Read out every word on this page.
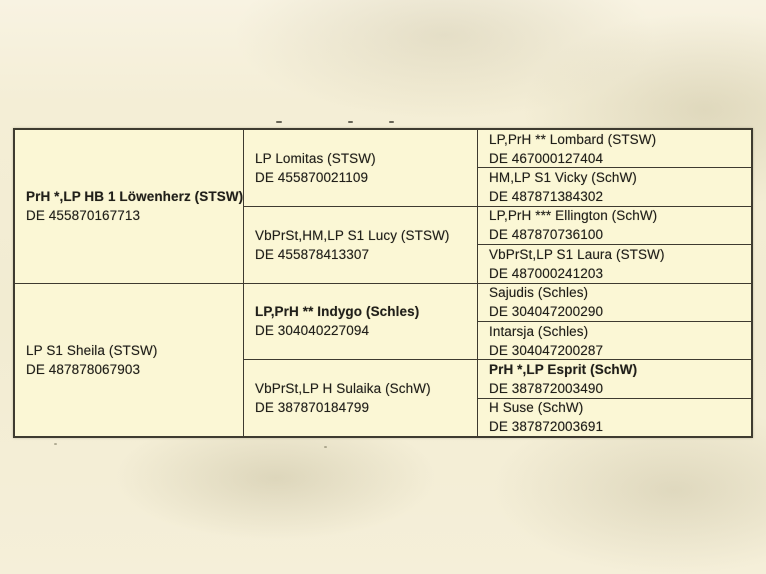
PrH *,LP HB 1 Löwenherz (STSW)
DE 455870167713
LP S1 Sheila (STSW)
DE 487878067903
LP Lomitas (STSW)
DE 455870021109
VbPrSt,HM,LP S1 Lucy (STSW)
DE 455878413307
LP,PrH ** Indygo (Schles)
DE 304040227094
VbPrSt,LP H Sulaika (SchW)
DE 387870184799
LP,PrH ** Lombard (STSW)
DE 467000127404
HM,LP S1 Vicky (SchW)
DE 487871384302
LP,PrH *** Ellington (SchW)
DE 487870736100
VbPrSt,LP S1 Laura (STSW)
DE 487000241203
Sajudis (Schles)
DE 304047200290
Intarsja (Schles)
DE 304047200287
PrH *,LP Esprit (SchW)
DE 387872003490
H Suse (SchW)
DE 387872003691
